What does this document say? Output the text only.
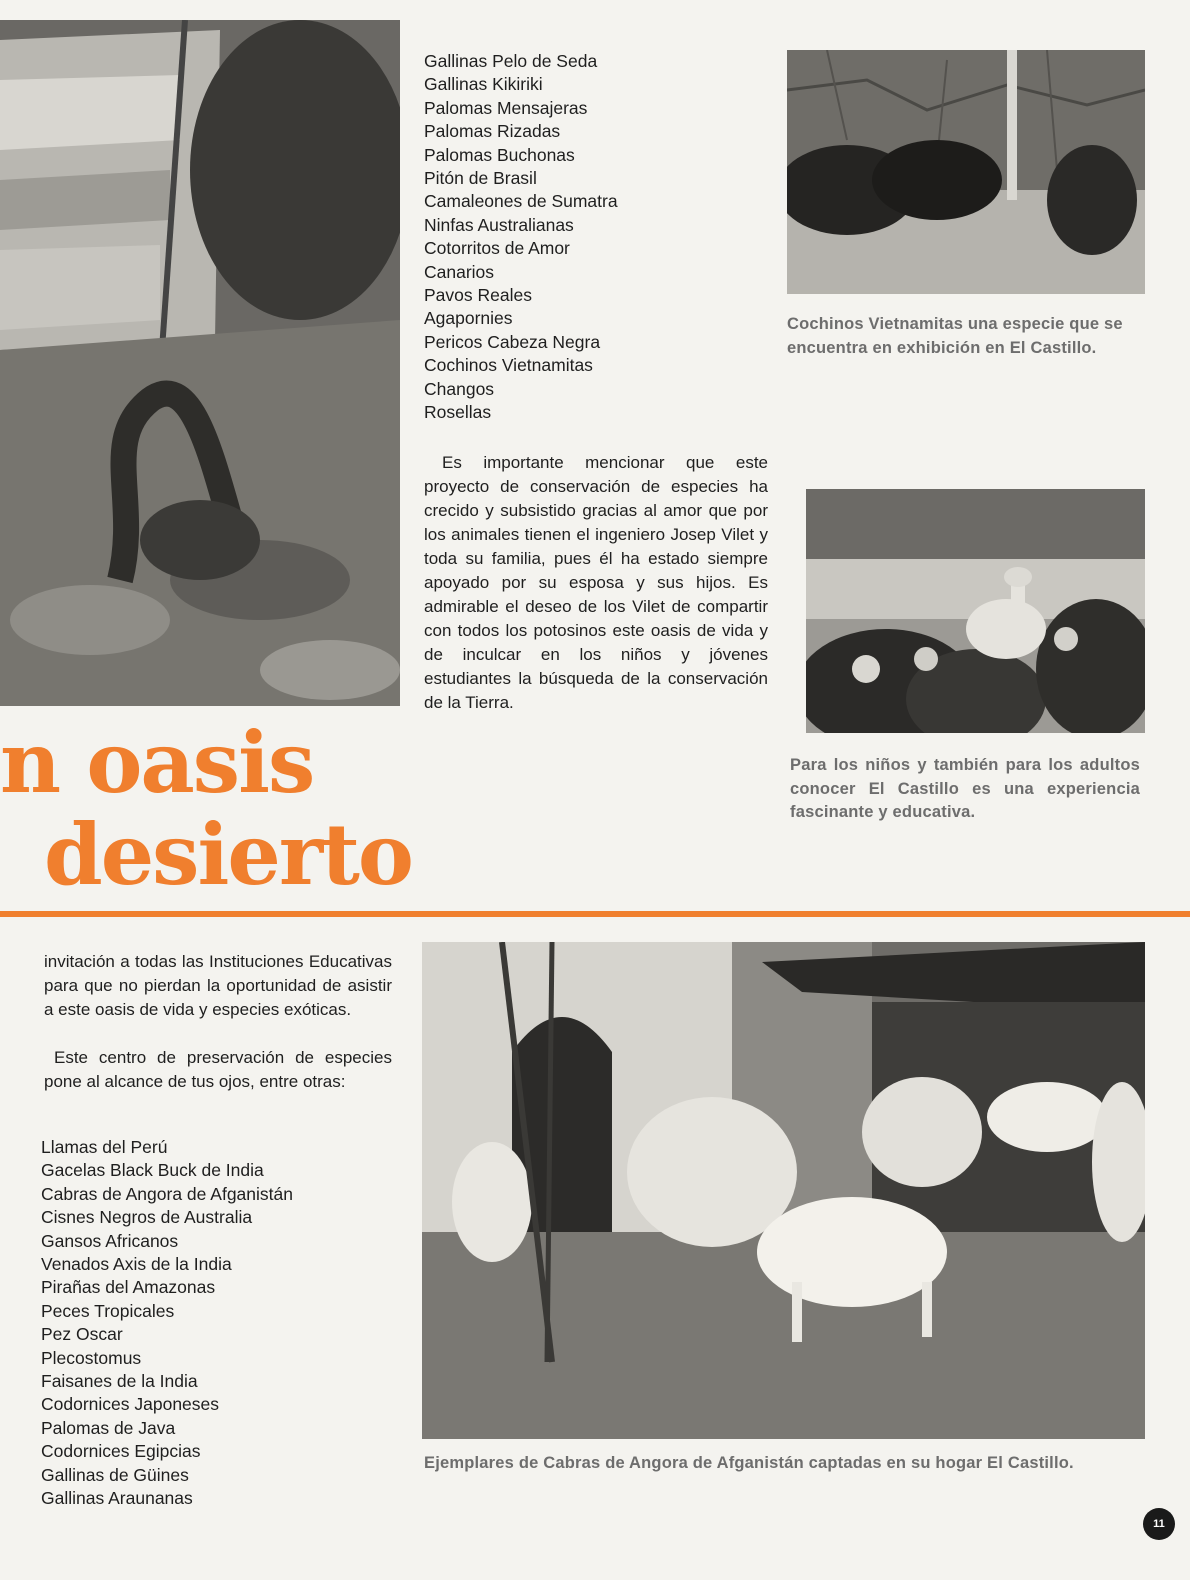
Gallinas Pelo de Seda
Gallinas Kikiriki
Palomas Mensajeras
Palomas Rizadas
Palomas Buchonas
Pitón de Brasil
Camaleones de Sumatra
Ninfas Australianas
Cotorritos de Amor
Canarios
Pavos Reales
Agapornies
Pericos Cabeza Negra
Cochinos Vietnamitas
Changos
Rosellas

Es importante mencionar que este proyecto de conservación de especies ha crecido y subsistido gracias al amor que por los animales tienen el ingeniero Josep Vilet y toda su familia, pues él ha estado siempre apoyado por su esposa y sus hijos. Es admirable el deseo de los Vilet de compartir con todos los potosinos este oasis de vida y de inculcar en los niños y jóvenes estudiantes la búsqueda de la conservación de la Tierra.

Cochinos Vietnamitas una especie que se encuentra en exhibición en El Castillo.

Para los niños y también para los adultos conocer El Castillo es una experiencia fascinante y educativa.

n oasis
desierto

invitación a todas las Instituciones Educativas para que no pierdan la oportunidad de asistir a este oasis de vida y especies exóticas.

Este centro de preservación de especies pone al alcance de tus ojos, entre otras:

Llamas del Perú
Gacelas Black Buck de India
Cabras de Angora de Afganistán
Cisnes Negros de Australia
Gansos Africanos
Venados Axis de la India
Pirañas del Amazonas
Peces Tropicales
Pez Oscar
Plecostomus
Faisanes de la India
Codornices Japoneses
Palomas de Java
Codornices Egipcias
Gallinas de Güines
Gallinas Araunanas

Ejemplares de Cabras de Angora de Afganistán captadas en su hogar El Castillo.

11
